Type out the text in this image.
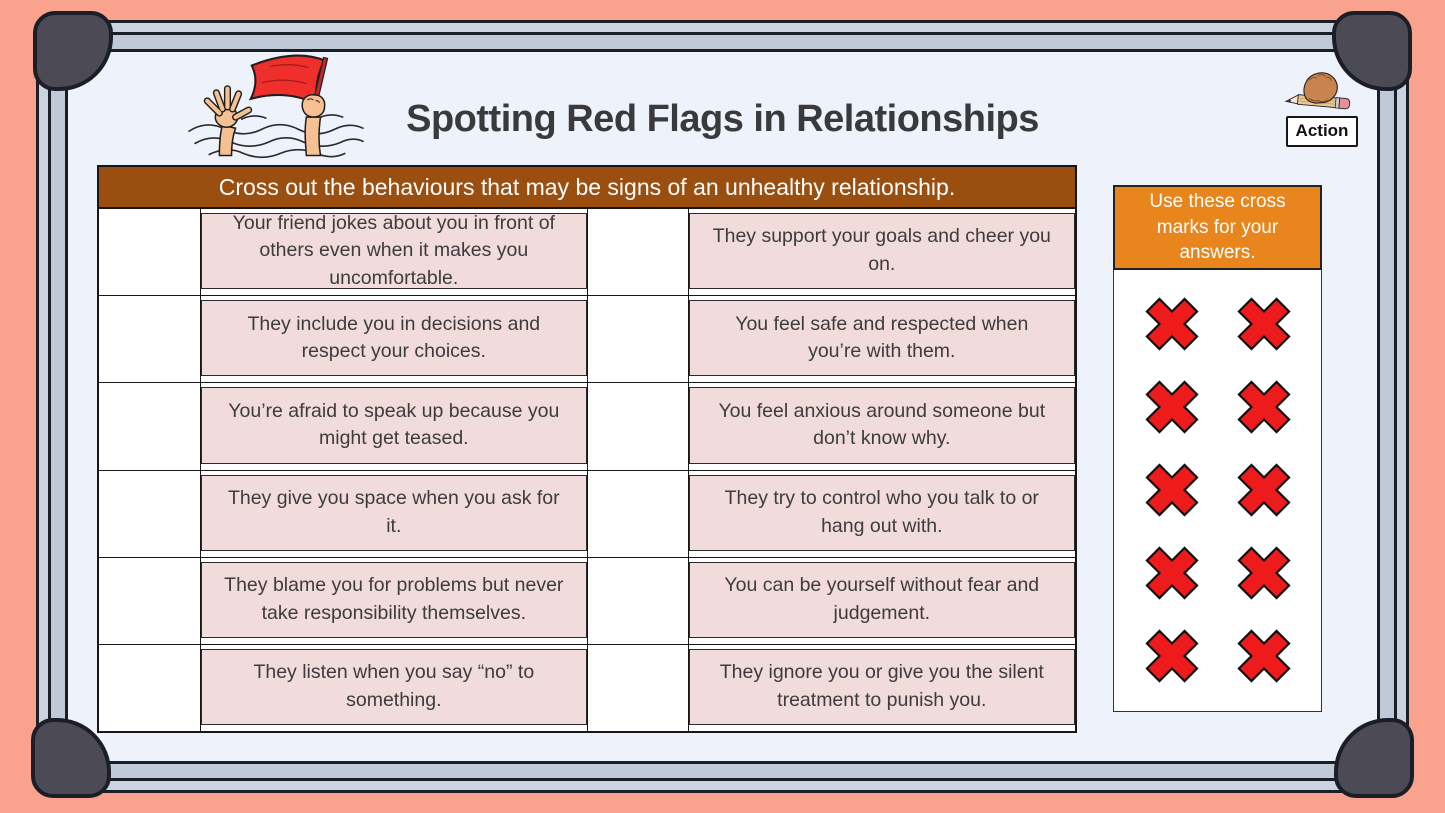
Spotting Red Flags in Relationships	Action
Cross out the behaviours that may be signs of an unhealthy relationship.
Your friend jokes about you in front of others even when it makes you uncomfortable.
They support your goals and cheer you on.
They include you in decisions and respect your choices.
You feel safe and respected when you’re with them.
You’re afraid to speak up because you might get teased.
You feel anxious around someone but don’t know why.
They give you space when you ask for it.
They try to control who you talk to or hang out with.
They blame you for problems but never take responsibility themselves.
You can be yourself without fear and judgement.
They listen when you say “no” to something.
They ignore you or give you the silent treatment to punish you.
Use these cross marks for your answers.
